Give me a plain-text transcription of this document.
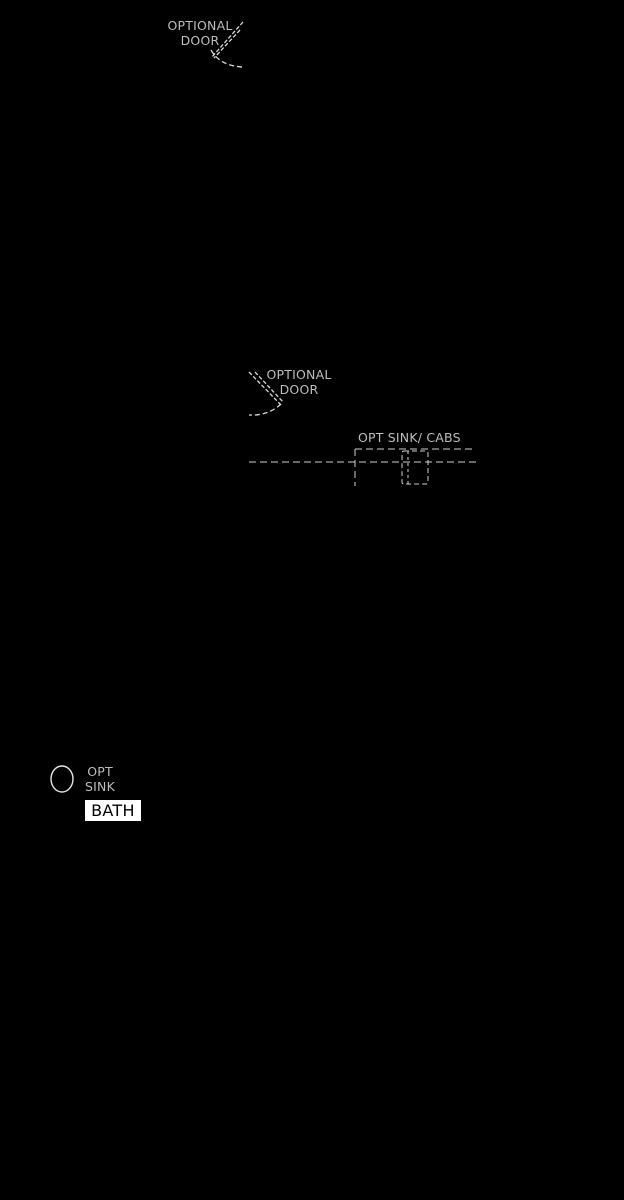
OPTIONAL
DOOR
OPTIONAL
DOOR
OPT SINK/ CABS
OPT
SINK
BATH
